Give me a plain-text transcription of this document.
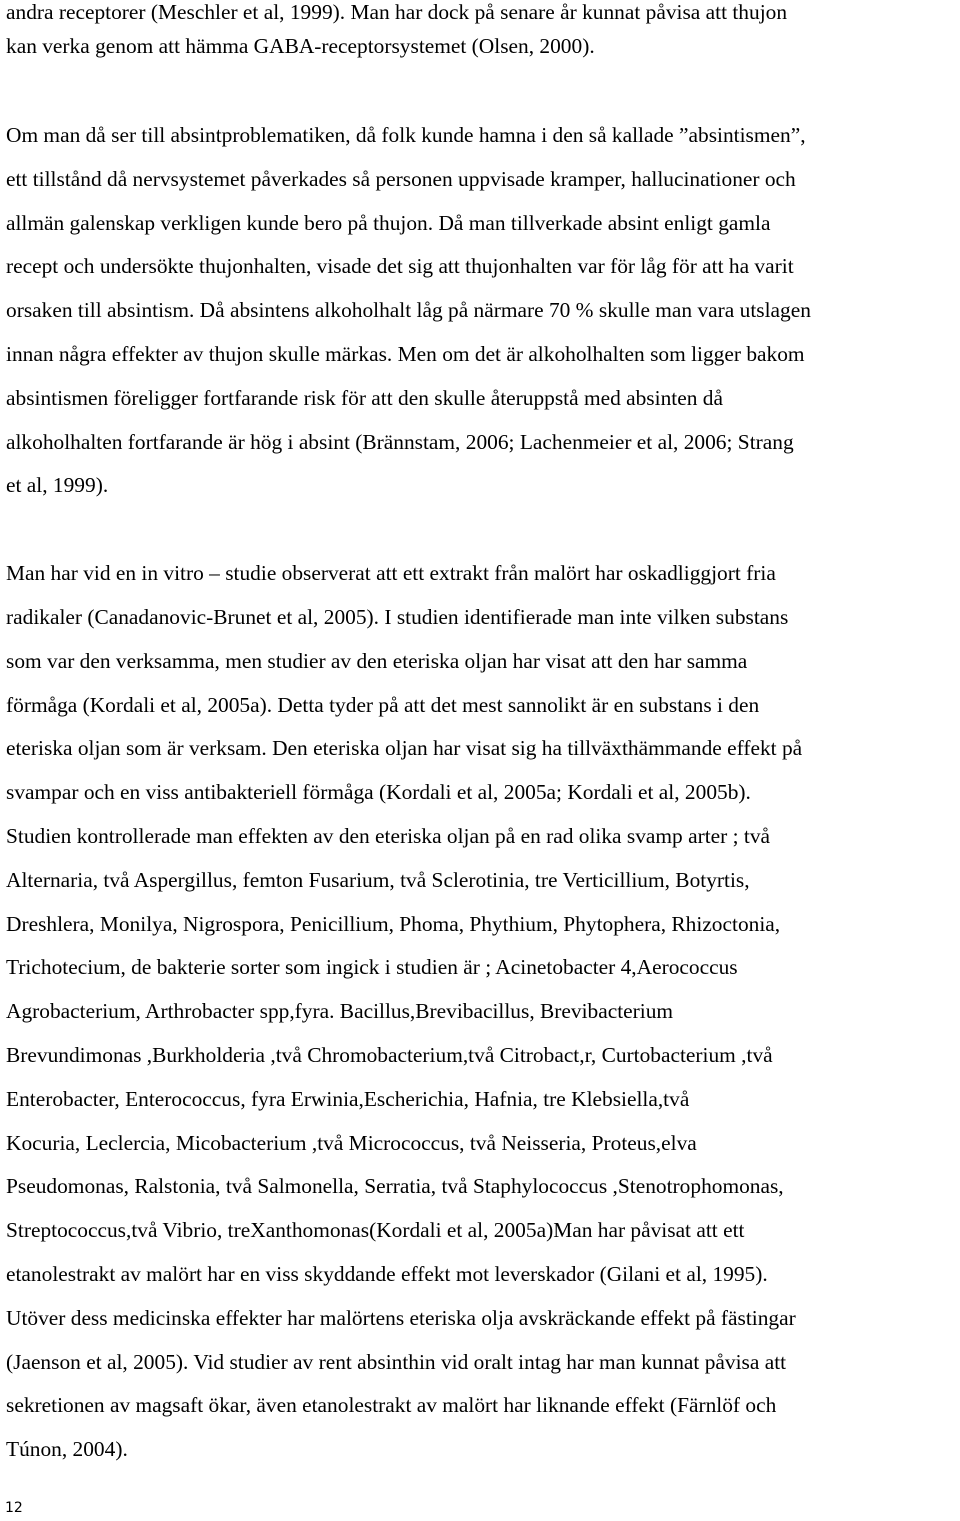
andra receptorer (Meschler et al, 1999). Man har dock på senare år kunnat påvisa att thujon
kan verka genom att hämma GABA-receptorsystemet (Olsen, 2000).

Om man då ser till absintproblematiken, då folk kunde hamna i den så kallade ”absintismen”,
ett tillstånd då nervsystemet påverkades så personen uppvisade kramper, hallucinationer och
allmän galenskap verkligen kunde bero på thujon. Då man tillverkade absint enligt gamla
recept och undersökte thujonhalten, visade det sig att thujonhalten var för låg för att ha varit
orsaken till absintism. Då absintens alkoholhalt låg på närmare 70 % skulle man vara utslagen
innan några effekter av thujon skulle märkas. Men om det är alkoholhalten som ligger bakom
absintismen föreligger fortfarande risk för att den skulle återuppstå med absinten då
alkoholhalten fortfarande är hög i absint (Brännstam, 2006; Lachenmeier et al, 2006; Strang
et al, 1999).

Man har vid en in vitro – studie observerat att ett extrakt från malört har oskadliggjort fria
radikaler (Canadanovic-Brunet et al, 2005). I studien identifierade man inte vilken substans
som var den verksamma, men studier av den eteriska oljan har visat att den har samma
förmåga (Kordali et al, 2005a). Detta tyder på att det mest sannolikt är en substans i den
eteriska oljan som är verksam. Den eteriska oljan har visat sig ha tillväxthämmande effekt på
svampar och en viss antibakteriell förmåga (Kordali et al, 2005a; Kordali et al, 2005b).
Studien kontrollerade man effekten av den eteriska oljan på en rad olika svamp arter ; två
Alternaria, två Aspergillus, femton Fusarium, två Sclerotinia, tre Verticillium, Botyrtis,
Dreshlera, Monilya, Nigrospora, Penicillium, Phoma, Phythium, Phytophera, Rhizoctonia,
Trichotecium, de bakterie sorter som ingick i studien är ; Acinetobacter 4,Aerococcus
Agrobacterium, Arthrobacter spp,fyra. Bacillus,Brevibacillus, Brevibacterium
Brevundimonas ,Burkholderia ,två Chromobacterium,två Citrobact,r, Curtobacterium ,två
Enterobacter, Enterococcus, fyra Erwinia,Escherichia, Hafnia, tre Klebsiella,två
Kocuria, Leclercia, Micobacterium ,två Micrococcus, två Neisseria, Proteus,elva
Pseudomonas, Ralstonia, två Salmonella, Serratia, två Staphylococcus ,Stenotrophomonas,
Streptococcus,två Vibrio, treXanthomonas(Kordali et al, 2005a)Man har påvisat att ett
etanolestrakt av malört har en viss skyddande effekt mot leverskador (Gilani et al, 1995).
Utöver dess medicinska effekter har malörtens eteriska olja avskräckande effekt på fästingar
(Jaenson et al, 2005). Vid studier av rent absinthin vid oralt intag har man kunnat påvisa att
sekretionen av magsaft ökar, även etanolestrakt av malört har liknande effekt (Färnlöf och
Túnon, 2004).

12
